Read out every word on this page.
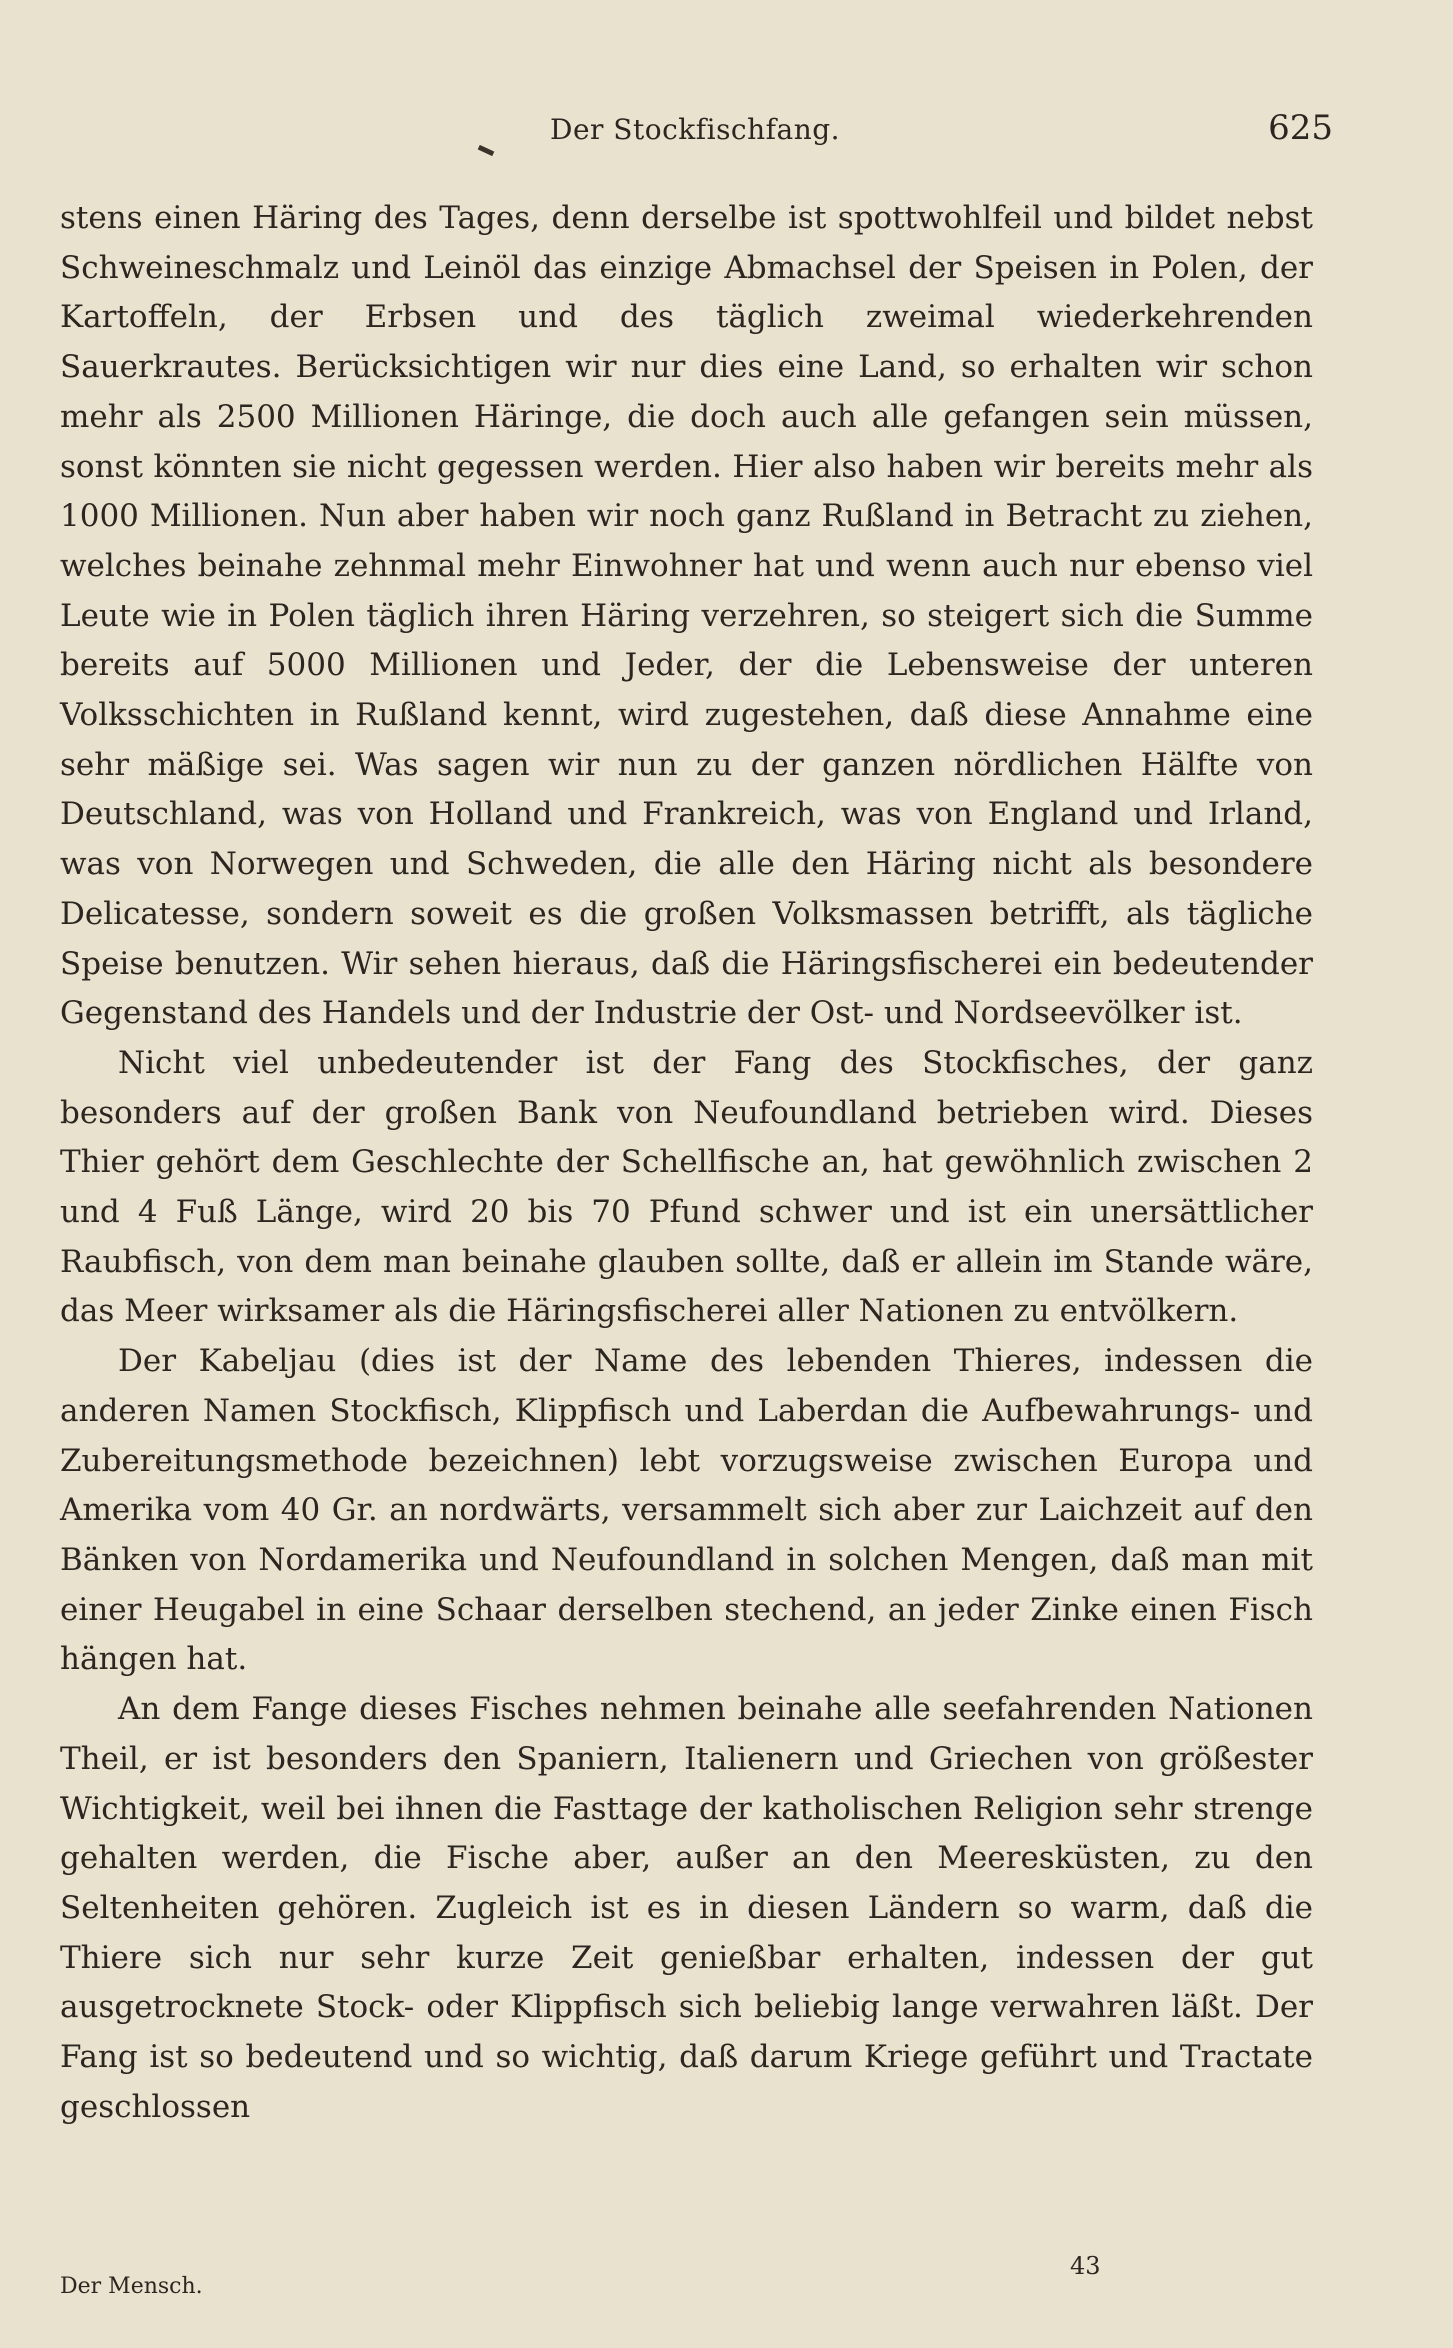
Der Stockfischfang.	625

stens einen Häring des Tages, denn derselbe ist spottwohlfeil und bildet nebst Schweineschmalz und Leinöl das einzige Abmachsel der Speisen in Polen, der Kartoffeln, der Erbsen und des täglich zweimal wiederkehrenden Sauerkrautes. Berücksichtigen wir nur dies eine Land, so erhalten wir schon mehr als 2500 Millionen Häringe, die doch auch alle gefangen sein müssen, sonst könnten sie nicht gegessen werden. Hier also haben wir bereits mehr als 1000 Millionen. Nun aber haben wir noch ganz Rußland in Betracht zu ziehen, welches beinahe zehnmal mehr Einwohner hat und wenn auch nur ebenso viel Leute wie in Polen täglich ihren Häring verzehren, so steigert sich die Summe bereits auf 5000 Millionen und Jeder, der die Lebensweise der unteren Volksschichten in Rußland kennt, wird zugestehen, daß diese Annahme eine sehr mäßige sei. Was sagen wir nun zu der ganzen nördlichen Hälfte von Deutschland, was von Holland und Frankreich, was von England und Irland, was von Norwegen und Schweden, die alle den Häring nicht als besondere Delicatesse, sondern soweit es die großen Volksmassen betrifft, als tägliche Speise benutzen. Wir sehen hieraus, daß die Häringsfischerei ein bedeutender Gegenstand des Handels und der Industrie der Ost- und Nordseevölker ist.

Nicht viel unbedeutender ist der Fang des Stockfisches, der ganz besonders auf der großen Bank von Neufoundland betrieben wird. Dieses Thier gehört dem Geschlechte der Schellfische an, hat gewöhnlich zwischen 2 und 4 Fuß Länge, wird 20 bis 70 Pfund schwer und ist ein unersättlicher Raubfisch, von dem man beinahe glauben sollte, daß er allein im Stande wäre, das Meer wirksamer als die Häringsfischerei aller Nationen zu entvölkern.

Der Kabeljau (dies ist der Name des lebenden Thieres, indessen die anderen Namen Stockfisch, Klippfisch und Laberdan die Aufbewahrungs- und Zubereitungsmethode bezeichnen) lebt vorzugsweise zwischen Europa und Amerika vom 40 Gr. an nordwärts, versammelt sich aber zur Laichzeit auf den Bänken von Nordamerika und Neufoundland in solchen Mengen, daß man mit einer Heugabel in eine Schaar derselben stechend, an jeder Zinke einen Fisch hängen hat.

An dem Fange dieses Fisches nehmen beinahe alle seefahrenden Nationen Theil, er ist besonders den Spaniern, Italienern und Griechen von größester Wichtigkeit, weil bei ihnen die Fasttage der katholischen Religion sehr strenge gehalten werden, die Fische aber, außer an den Meeresküsten, zu den Seltenheiten gehören. Zugleich ist es in diesen Ländern so warm, daß die Thiere sich nur sehr kurze Zeit genießbar erhalten, indessen der gut ausgetrocknete Stock- oder Klippfisch sich beliebig lange verwahren läßt. Der Fang ist so bedeutend und so wichtig, daß darum Kriege geführt und Tractate geschlossen

Der Mensch.
43
